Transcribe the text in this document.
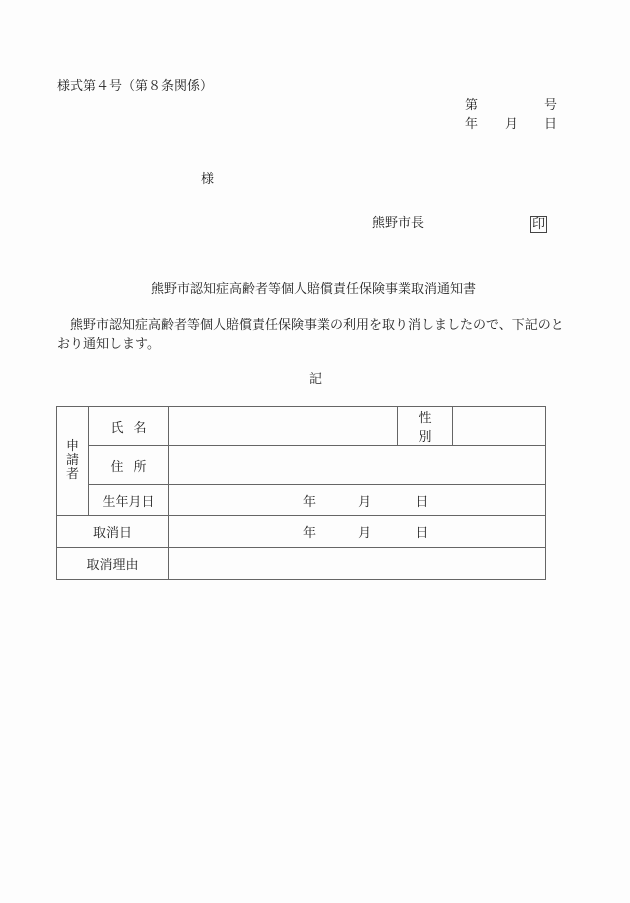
様式第４号（第８条関係）
第	号
年 月 日
様
熊野市長	印
熊野市認知症高齢者等個人賠償責任保険事業取消通知書
熊野市認知症高齢者等個人賠償責任保険事業の利用を取り消しましたので、下記のと
おり通知します。
記
申
請
者	氏名		性別	
	住所			
	生年月日	年 月 日		
取消日		年 月 日		
取消理由				
